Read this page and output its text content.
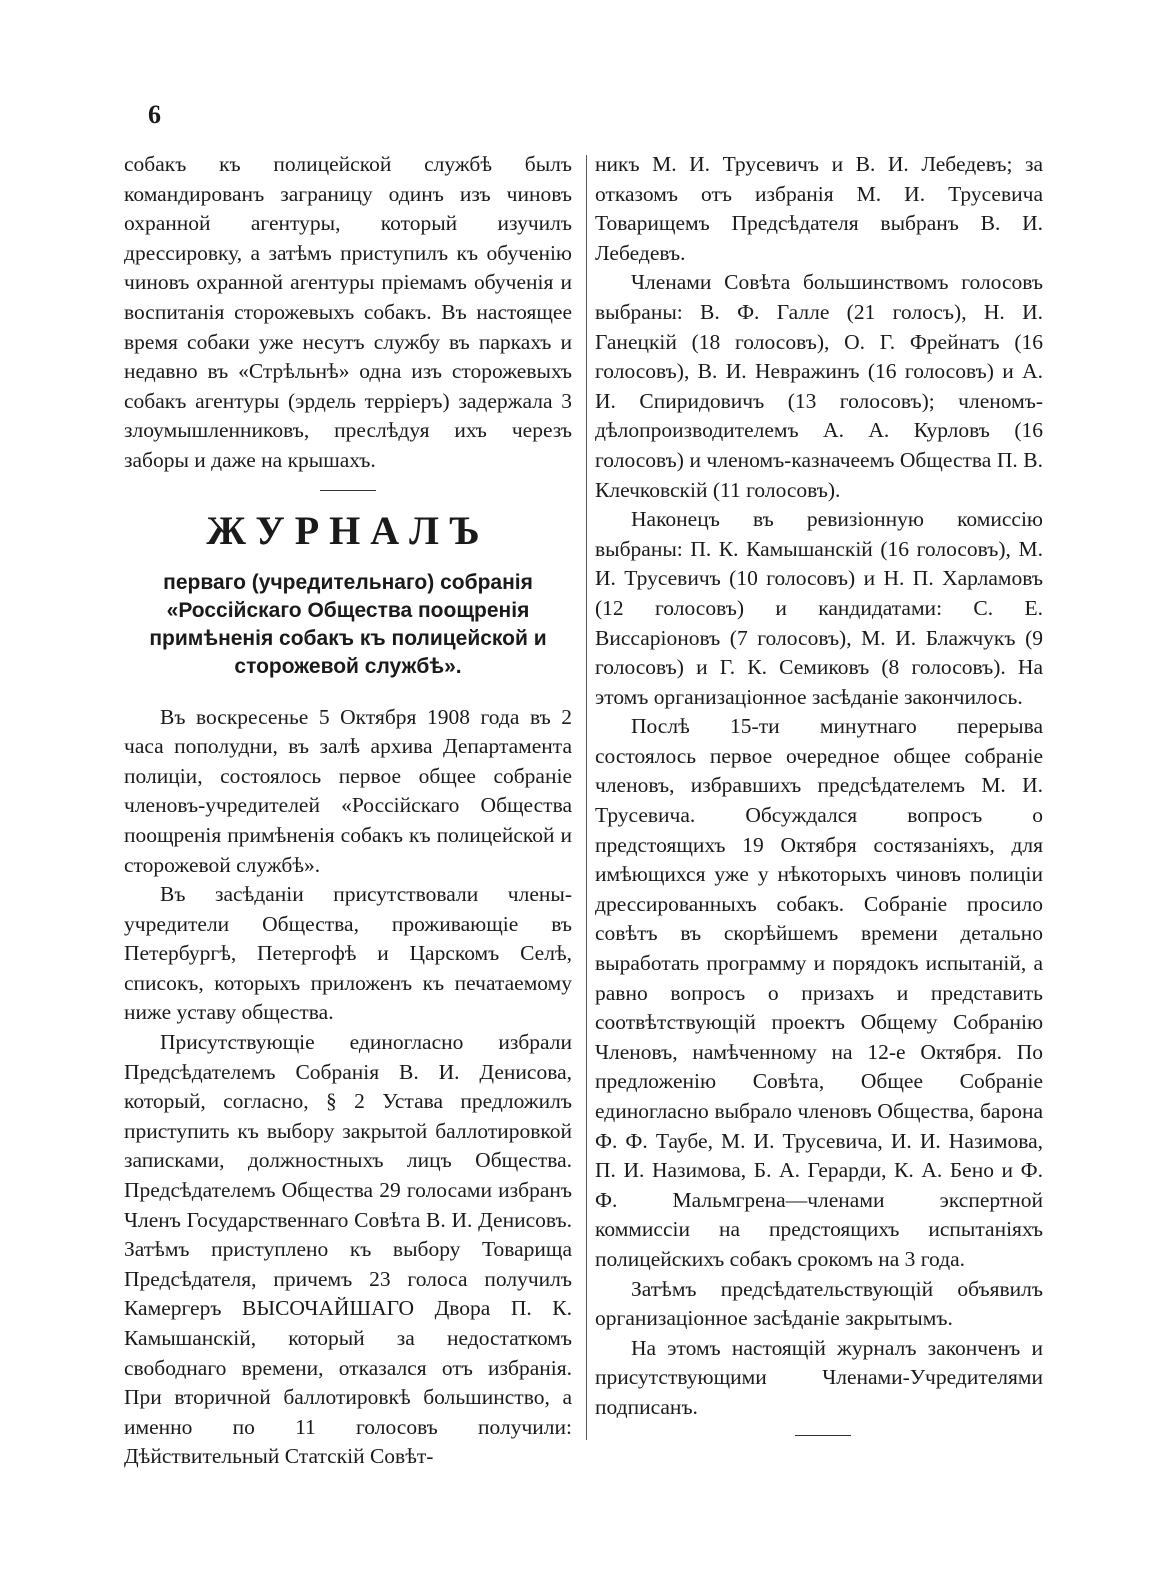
6

собакъ къ полицейской службѣ былъ командированъ заграницу одинъ изъ чиновъ охранной агентуры, который изучилъ дрессировку, а затѣмъ приступилъ къ обученію чиновъ охранной агентуры пріемамъ обученія и воспитанія сторожевыхъ собакъ. Въ настоящее время собаки уже несутъ службу въ паркахъ и недавно въ «Стрѣльнѣ» одна изъ сторожевыхъ собакъ агентуры (эрдель терріеръ) задержала 3 злоумышленниковъ, преслѣдуя ихъ черезъ заборы и даже на крышахъ.

ЖУРНАЛЪ
перваго (учредительнаго) собранія «Россійскаго Общества поощренія примѣненія собакъ къ полицейской и сторожевой службѣ».

Въ воскресенье 5 Октября 1908 года въ 2 часа пополудни, въ залѣ архива Департамента полиціи, состоялось первое общее собраніе членовъ-учредителей «Россійскаго Общества поощренія примѣненія собакъ къ полицейской и сторожевой службѣ».

Въ засѣданіи присутствовали члены-учредители Общества, проживающіе въ Петербургѣ, Петергофѣ и Царскомъ Селѣ, списокъ, которыхъ приложенъ къ печатаемому ниже уставу общества.

Присутствующіе единогласно избрали Предсѣдателемъ Собранія В. И. Денисова, который, согласно, § 2 Устава предложилъ приступить къ выбору закрытой баллотировкой записками, должностныхъ лицъ Общества. Предсѣдателемъ Общества 29 голосами избранъ Членъ Государственнаго Совѣта В. И. Денисовъ. Затѣмъ приступлено къ выбору Товарища Предсѣдателя, причемъ 23 голоса получилъ Камергеръ ВЫСОЧАЙШАГО Двора П. К. Камышанскій, который за недостаткомъ свободнаго времени, отказался отъ избранія. При вторичной баллотировкѣ большинство, а именно по 11 голосовъ получили: Дѣйствительный Статскій Совѣт-

никъ М. И. Трусевичъ и В. И. Лебедевъ; за отказомъ отъ избранія М. И. Трусевича Товарищемъ Предсѣдателя выбранъ В. И. Лебедевъ.

Членами Совѣта большинствомъ голосовъ выбраны: В. Ф. Галле (21 голосъ), Н. И. Ганецкій (18 голосовъ), О. Г. Фрейнатъ (16 голосовъ), В. И. Невражинъ (16 голосовъ) и А. И. Спиридовичъ (13 голосовъ); членомъ-дѣлопроизводителемъ А. А. Курловъ (16 голосовъ) и членомъ-казначеемъ Общества П. В. Клечковскій (11 голосовъ).

Наконецъ въ ревизіонную комиссію выбраны: П. К. Камышанскій (16 голосовъ), М. И. Трусевичъ (10 голосовъ) и Н. П. Харламовъ (12 голосовъ) и кандидатами: С. Е. Виссаріоновъ (7 голосовъ), М. И. Блажчукъ (9 голосовъ) и Г. К. Семиковъ (8 голосовъ). На этомъ организаціонное засѣданіе закончилось.

Послѣ 15-ти минутнаго перерыва состоялось первое очередное общее собраніе членовъ, избравшихъ предсѣдателемъ М. И. Трусевича. Обсуждался вопросъ о предстоящихъ 19 Октября состязаніяхъ, для имѣющихся уже у нѣкоторыхъ чиновъ полиціи дрессированныхъ собакъ. Собраніе просило совѣтъ въ скорѣйшемъ времени детально выработать программу и порядокъ испытаній, а равно вопросъ о призахъ и представить соотвѣтствующій проектъ Общему Собранію Членовъ, намѣченному на 12-е Октября. По предложенію Совѣта, Общее Собраніе единогласно выбрало членовъ Общества, барона Ф. Ф. Таубе, М. И. Трусевича, И. И. Назимова, П. И. Назимова, Б. А. Герарди, К. А. Бено и Ф. Ф. Мальмгрена—членами экспертной коммиссіи на предстоящихъ испытаніяхъ полицейскихъ собакъ срокомъ на 3 года.

Затѣмъ предсѣдательствующій объявилъ организаціонное засѣданіе закрытымъ.

На этомъ настоящій журналъ законченъ и присутствующими Членами-Учредителями подписанъ.
